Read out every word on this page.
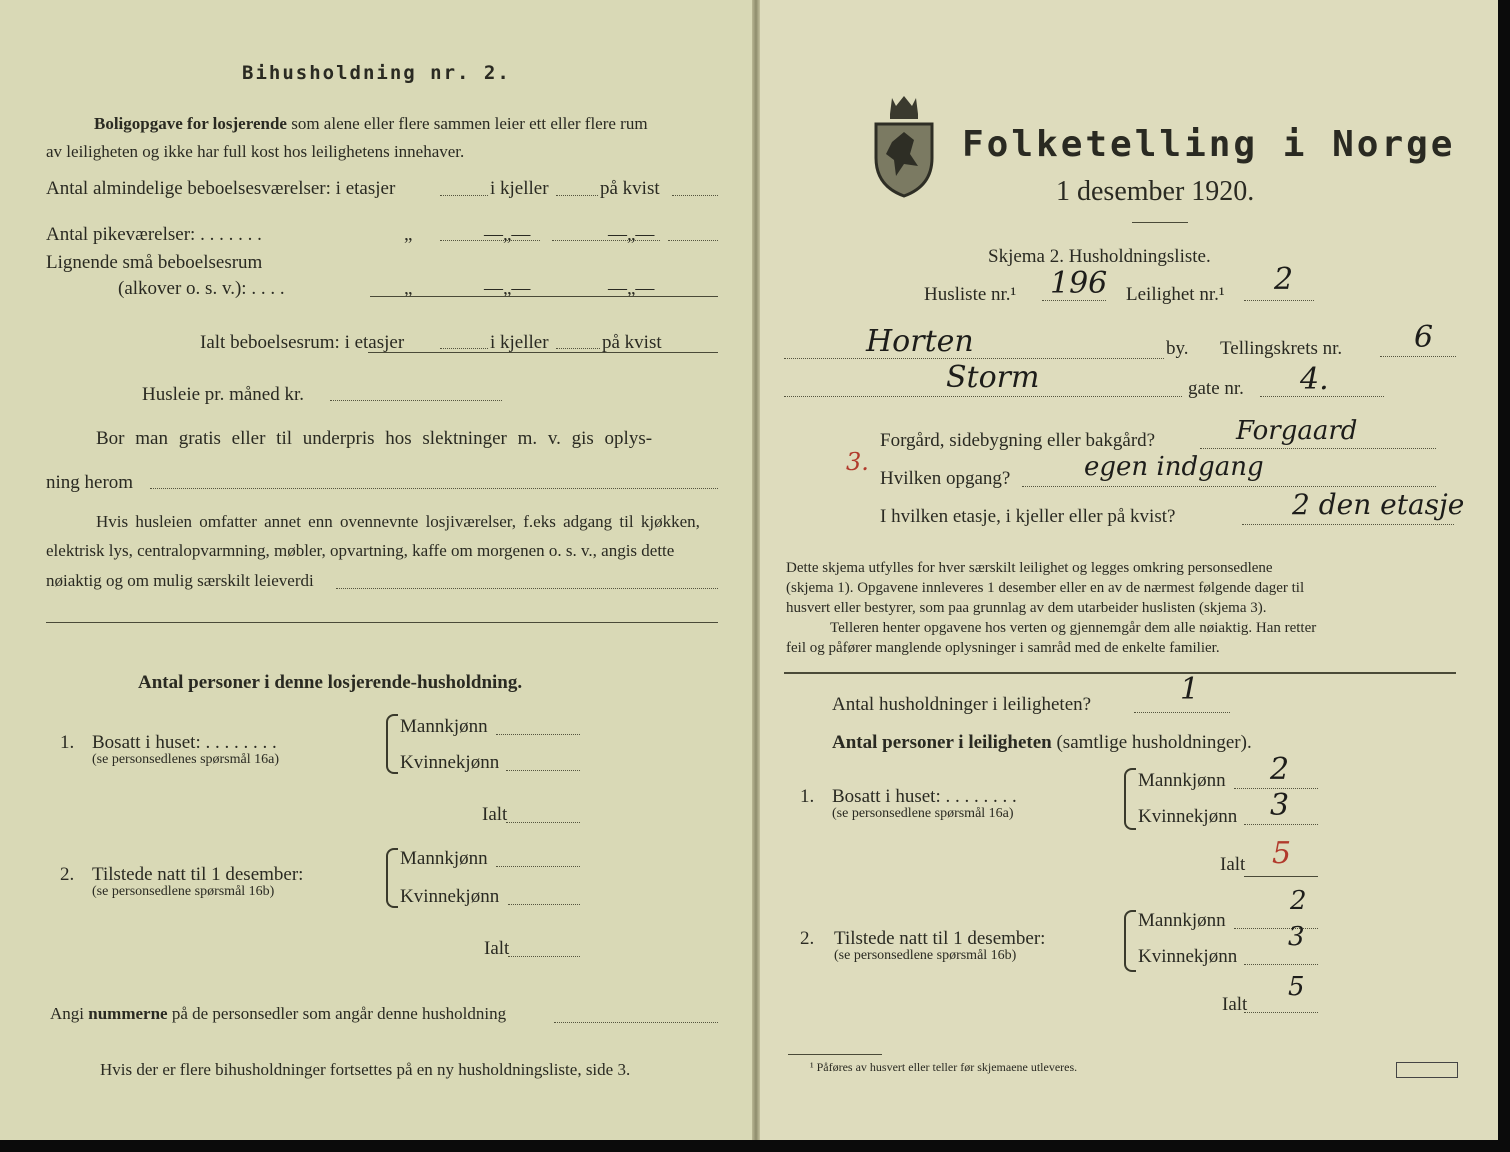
Bihusholdning nr. 2.
Boligopgave for losjerende som alene eller flere sammen leier ett eller flere rum
av leiligheten og ikke har full kost hos leilighetens innehaver.
Antal almindelige beboelsesværelser: i etasjer	i kjeller	på kvist
Antal pikeværelser: . . . . . . .	„	—„—	—„—
Lignende små beboelsesrum
(alkover o. s. v.): . . . .	„	—„—	—„—
Ialt beboelsesrum: i etasjer	i kjeller	på kvist
Husleie pr. måned kr.
Bor man gratis eller til underpris hos slektninger m. v. gis oplys-
ning herom
Hvis husleien omfatter annet enn ovennevnte losjiværelser, f.eks adgang til kjøkken,
elektrisk lys, centralopvarmning, møbler, opvartning, kaffe om morgenen o. s. v., angis dette
nøiaktig og om mulig særskilt leieverdi
Antal personer i denne losjerende-husholdning.
1. Bosatt i huset: . . . . . . . .
(se personsedlenes spørsmål 16a)
Mannkjønn
Kvinnekjønn
Ialt
2. Tilstede natt til 1 desember:
(se personsedlene spørsmål 16b)
Mannkjønn
Kvinnekjønn
Ialt
Angi nummerne på de personsedler som angår denne husholdning
Hvis der er flere bihusholdninger fortsettes på en ny husholdningsliste, side 3.
Folketelling i Norge
1 desember 1920.
Skjema 2. Husholdningsliste.
Husliste nr.¹ 196 Leilighet nr.¹ 2
Horten	by. Tellingskrets nr. 6
Storm	gate nr. 4.
Forgård, sidebygning eller bakgård?	Forgaard
3.
Hvilken opgang?	egen indgang
I hvilken etasje, i kjeller eller på kvist?	2 den etasje
Dette skjema utfylles for hver særskilt leilighet og legges omkring personsedlene
(skjema 1). Opgavene innleveres 1 desember eller en av de nærmest følgende dager til
husvert eller bestyrer, som paa grunnlag av dem utarbeider huslisten (skjema 3).
Telleren henter opgavene hos verten og gjennemgår dem alle nøiaktig. Han retter
feil og påfører manglende oplysninger i samråd med de enkelte familier.
Antal husholdninger i leiligheten?	1
Antal personer i leiligheten (samtlige husholdninger).
1. Bosatt i huset: . . . . . . . .
(se personsedlene spørsmål 16a)
Mannkjønn 2
Kvinnekjønn 3
Ialt 5
2. Tilstede natt til 1 desember:
(se personsedlene spørsmål 16b)
Mannkjønn
2
Kvinnekjønn
3
Ialt
5
¹ Påføres av husvert eller teller før skjemaene utleveres.
